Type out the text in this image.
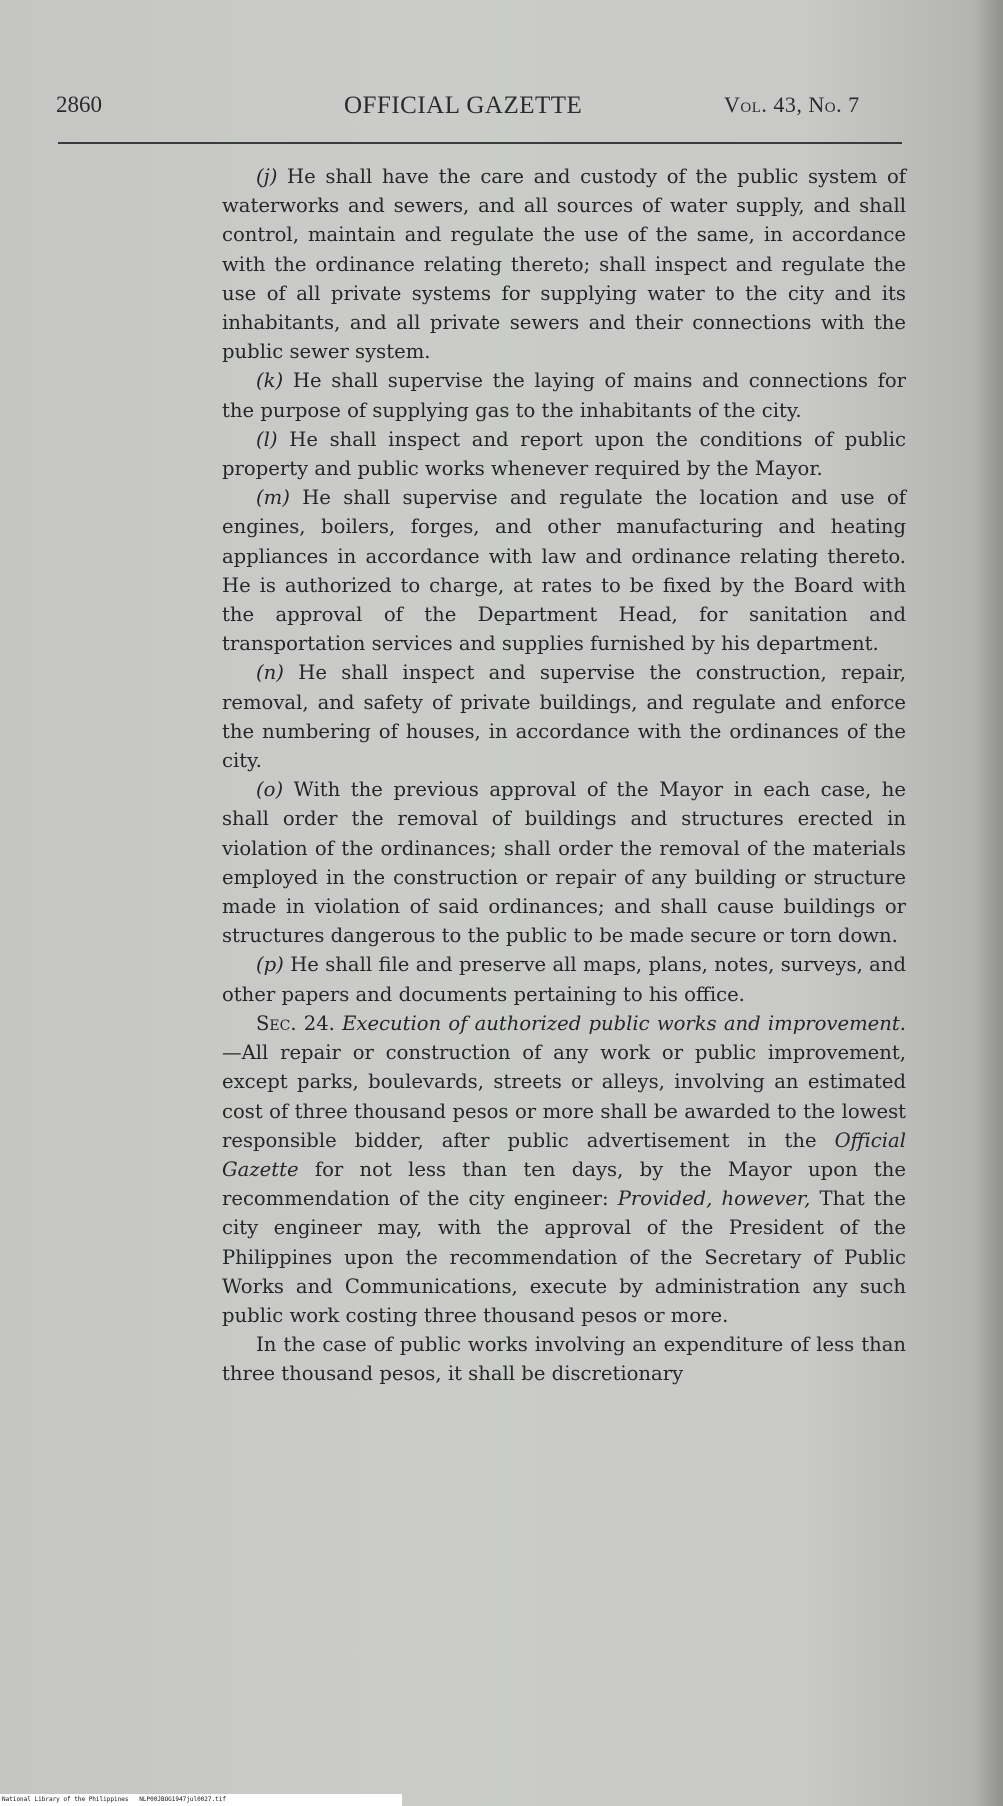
2860	OFFICIAL GAZETTE	Vol. 43, No. 7

(j) He shall have the care and custody of the public system of waterworks and sewers, and all sources of water supply, and shall control, maintain and regulate the use of the same, in accordance with the ordinance relating thereto; shall inspect and regulate the use of all private systems for supplying water to the city and its inhabitants, and all private sewers and their connections with the public sewer system.

(k) He shall supervise the laying of mains and connections for the purpose of supplying gas to the inhabitants of the city.

(l) He shall inspect and report upon the conditions of public property and public works whenever required by the Mayor.

(m) He shall supervise and regulate the location and use of engines, boilers, forges, and other manufacturing and heating appliances in accordance with law and ordinance relating thereto. He is authorized to charge, at rates to be fixed by the Board with the approval of the Department Head, for sanitation and transportation services and supplies furnished by his department.

(n) He shall inspect and supervise the construction, repair, removal, and safety of private buildings, and regulate and enforce the numbering of houses, in accordance with the ordinances of the city.

(o) With the previous approval of the Mayor in each case, he shall order the removal of buildings and structures erected in violation of the ordinances; shall order the removal of the materials employed in the construction or repair of any building or structure made in violation of said ordinances; and shall cause buildings or structures dangerous to the public to be made secure or torn down.

(p) He shall file and preserve all maps, plans, notes, surveys, and other papers and documents pertaining to his office.

Sec. 24. Execution of authorized public works and improvement.—All repair or construction of any work or public improvement, except parks, boulevards, streets or alleys, involving an estimated cost of three thousand pesos or more shall be awarded to the lowest responsible bidder, after public advertisement in the Official Gazette for not less than ten days, by the Mayor upon the recommendation of the city engineer: Provided, however, That the city engineer may, with the approval of the President of the Philippines upon the recommendation of the Secretary of Public Works and Communications, execute by administration any such public work costing three thousand pesos or more.

In the case of public works involving an expenditure of less than three thousand pesos, it shall be discretionary

National Library of the Philippines NLP00JBOG1947jul0027.tif
